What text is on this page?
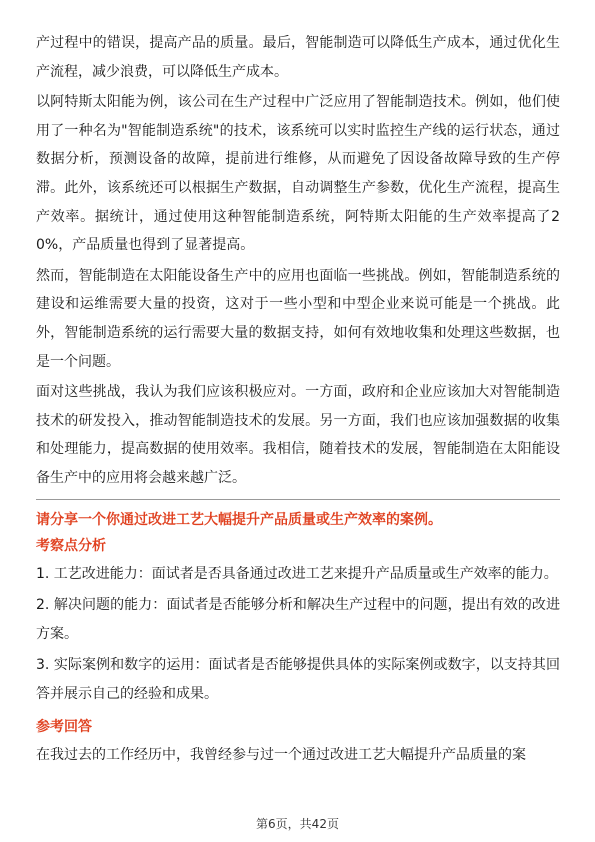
产过程中的错误，提高产品的质量。最后，智能制造可以降低生产成本，通过优化生产流程，减少浪费，可以降低生产成本。

以阿特斯太阳能为例，该公司在生产过程中广泛应用了智能制造技术。例如，他们使用了一种名为"智能制造系统"的技术，该系统可以实时监控生产线的运行状态，通过数据分析，预测设备的故障，提前进行维修，从而避免了因设备故障导致的生产停滞。此外，该系统还可以根据生产数据，自动调整生产参数，优化生产流程，提高生产效率。据统计，通过使用这种智能制造系统，阿特斯太阳能的生产效率提高了20%，产品质量也得到了显著提高。

然而，智能制造在太阳能设备生产中的应用也面临一些挑战。例如，智能制造系统的建设和运维需要大量的投资，这对于一些小型和中型企业来说可能是一个挑战。此外，智能制造系统的运行需要大量的数据支持，如何有效地收集和处理这些数据，也是一个问题。

面对这些挑战，我认为我们应该积极应对。一方面，政府和企业应该加大对智能制造技术的研发投入，推动智能制造技术的发展。另一方面，我们也应该加强数据的收集和处理能力，提高数据的使用效率。我相信，随着技术的发展，智能制造在太阳能设备生产中的应用将会越来越广泛。

请分享一个你通过改进工艺大幅提升产品质量或生产效率的案例。
考察点分析

1. 工艺改进能力：面试者是否具备通过改进工艺来提升产品质量或生产效率的能力。

2. 解决问题的能力：面试者是否能够分析和解决生产过程中的问题，提出有效的改进方案。

3. 实际案例和数字的运用：面试者是否能够提供具体的实际案例或数字，以支持其回答并展示自己的经验和成果。

参考回答

在我过去的工作经历中，我曾经参与过一个通过改进工艺大幅提升产品质量的案

第6页，共42页
